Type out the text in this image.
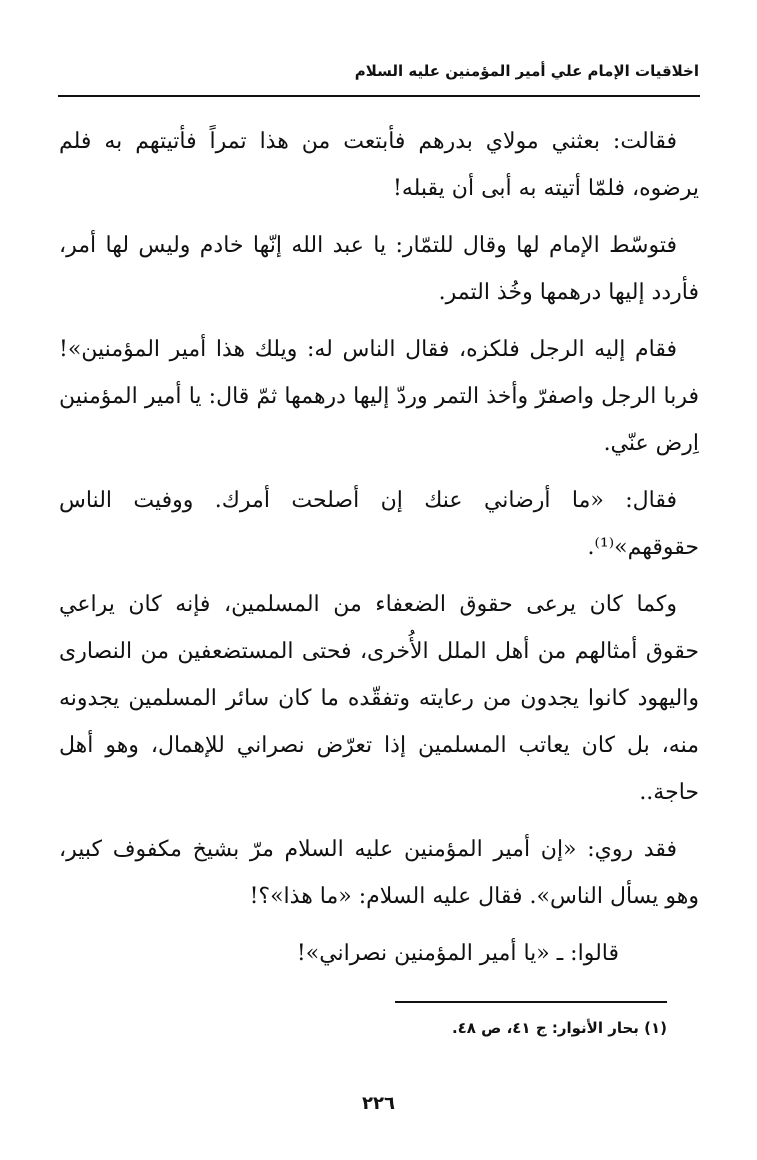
اخلاقيات الإمام علي أمير المؤمنين عليه السلام

فقالت: بعثني مولاي بدرهم فأبتعت من هذا تمراً فأتيتهم به فلم يرضوه، فلمّا أتيته به أبى أن يقبله!

فتوسّط الإمام لها وقال للتمّار: يا عبد الله إنّها خادم وليس لها أمر، فأردد إليها درهمها وخُذ التمر.

فقام إليه الرجل فلكزه، فقال الناس له: ويلك هذا أمير المؤمنين»! فربا الرجل واصفرّ وأخذ التمر وردّ إليها درهمها ثمّ قال: يا أمير المؤمنين اِرض عنّي.

فقال: «ما أرضاني عنك إن أصلحت أمرك. ووفيت الناس حقوقهم»⁽¹⁾.

وكما كان يرعى حقوق الضعفاء من المسلمين، فإنه كان يراعي حقوق أمثالهم من أهل الملل الأُخرى، فحتى المستضعفين من النصارى واليهود كانوا يجدون من رعايته وتفقّده ما كان سائر المسلمين يجدونه منه، بل كان يعاتب المسلمين إذا تعرّض نصراني للإهمال، وهو أهل حاجة..

فقد روي: «إن أمير المؤمنين عليه السلام مرّ بشيخ مكفوف كبير، وهو يسأل الناس». فقال عليه السلام: «ما هذا»؟!

قالوا: ـ «يا أمير المؤمنين نصراني»!

(١) بحار الأنوار: ج ٤١، ص ٤٨.
٢٢٦
